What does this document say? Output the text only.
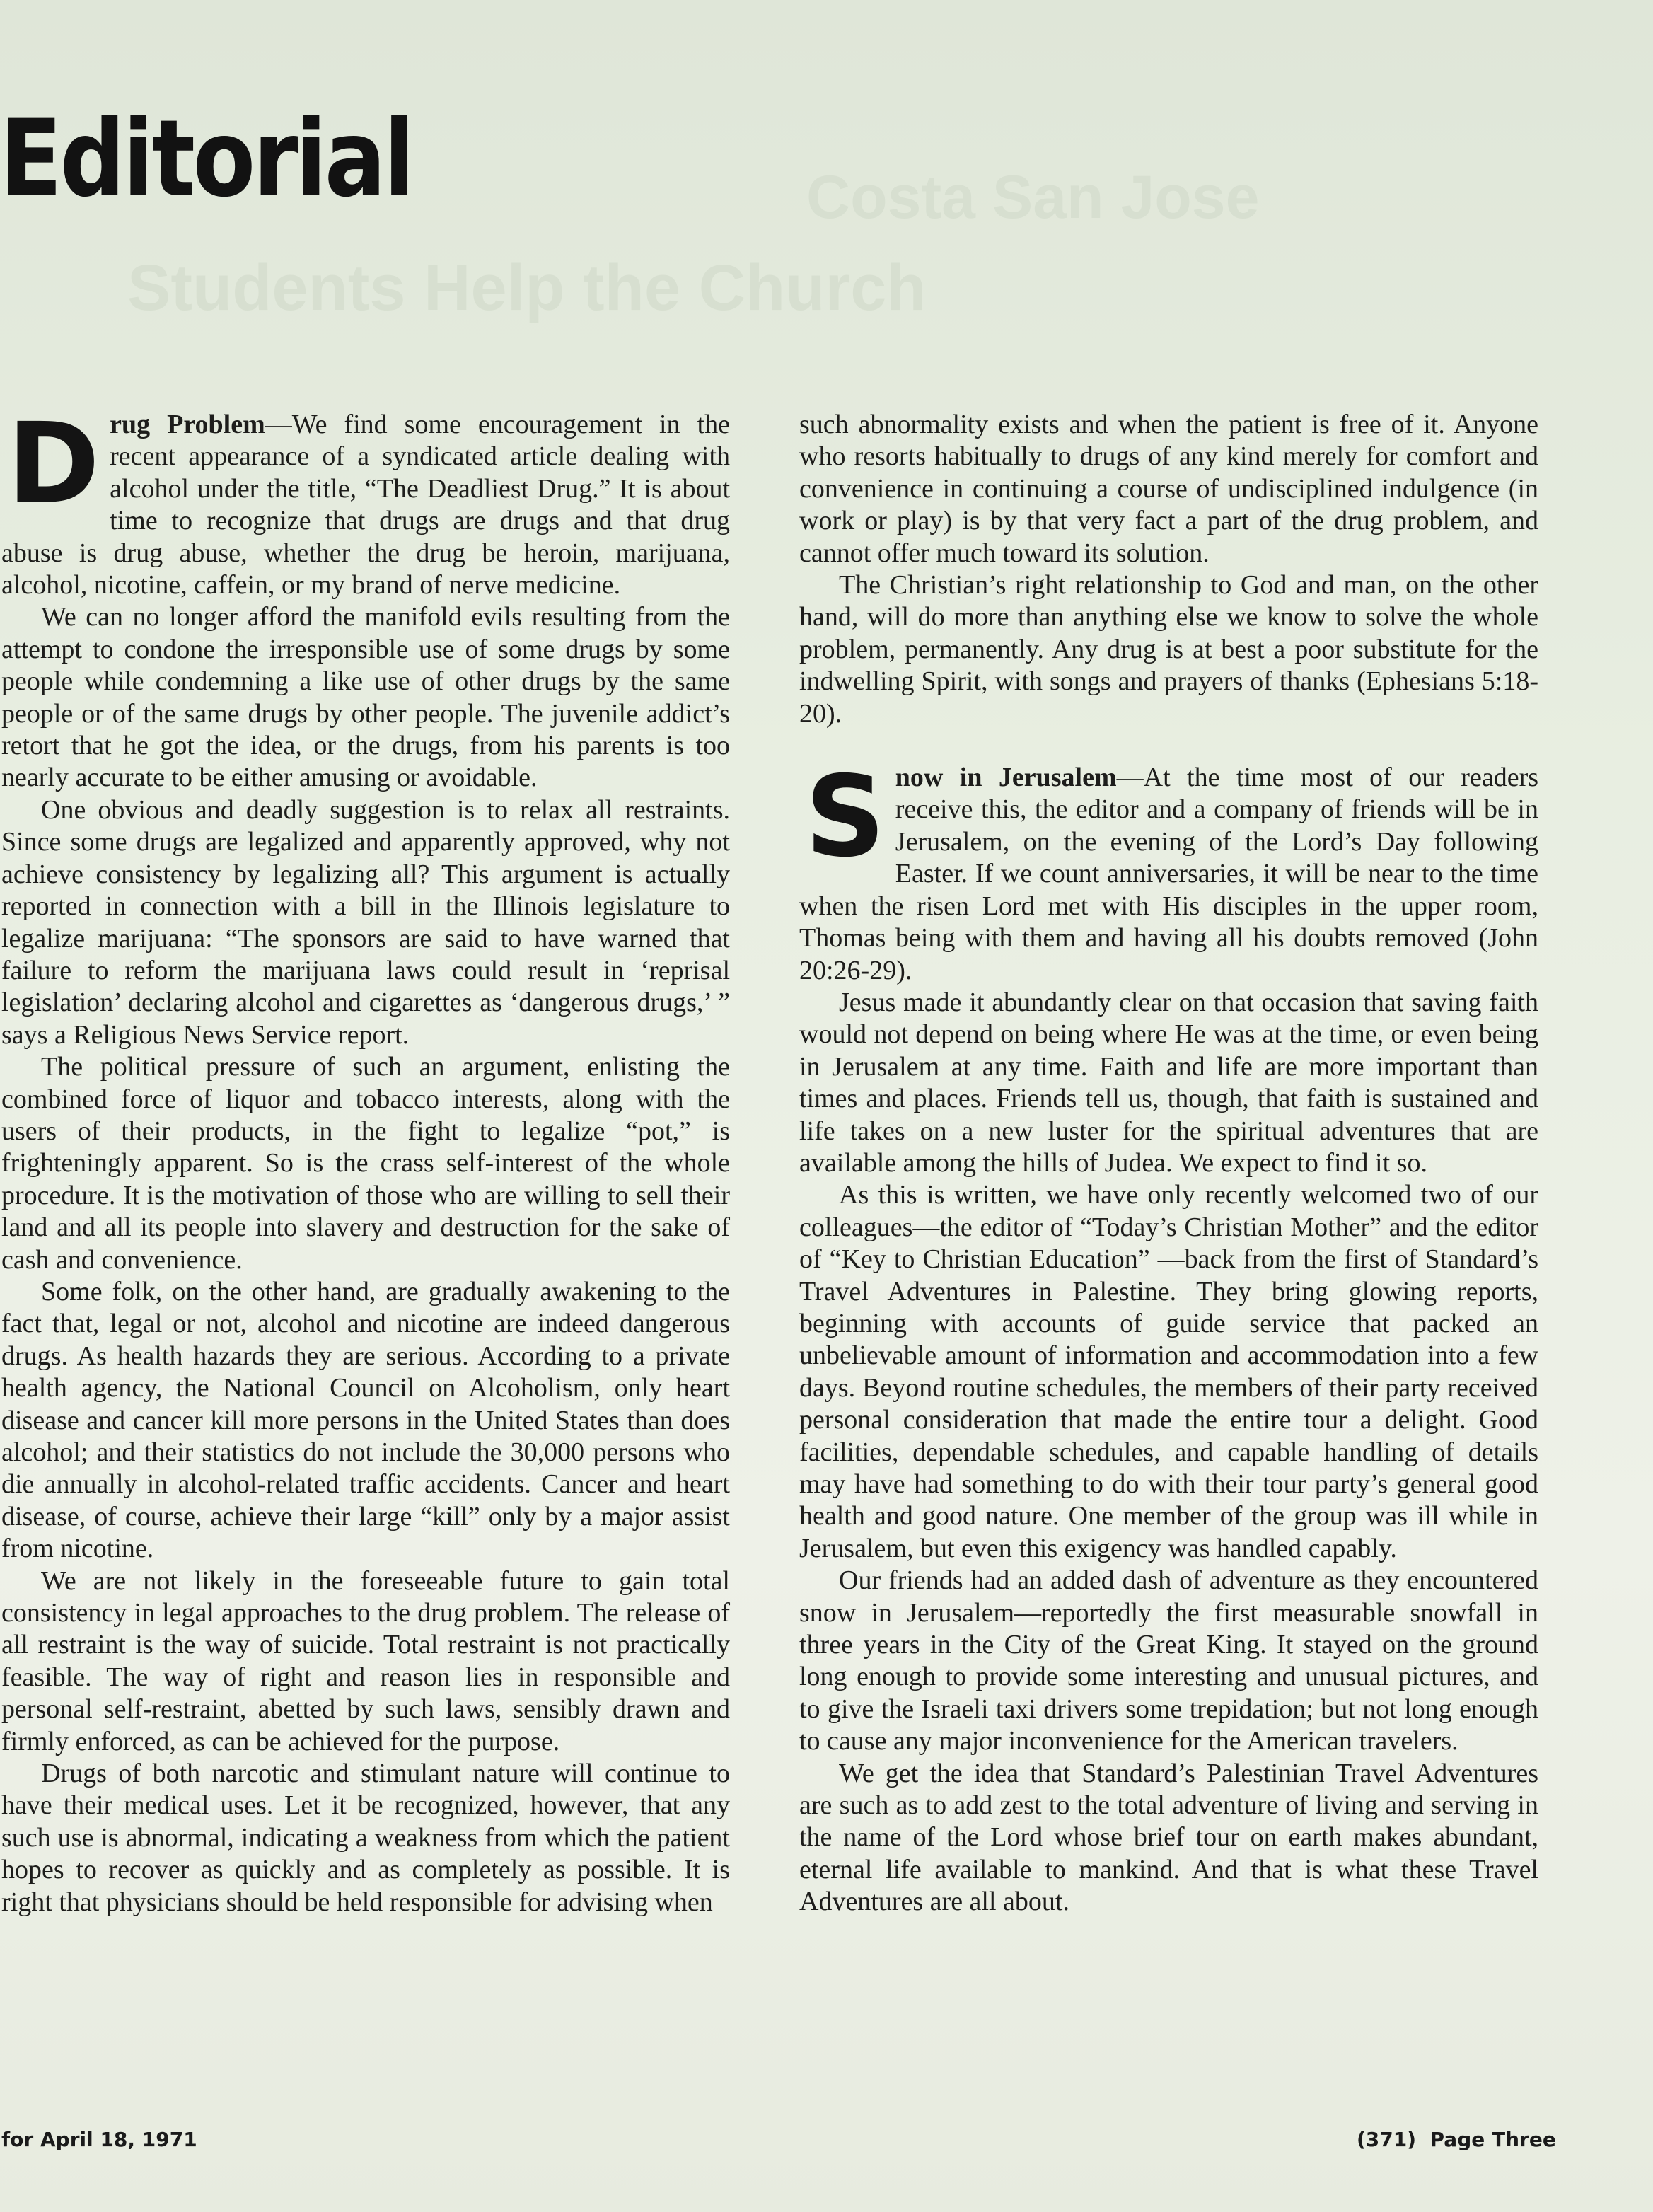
Costa San Jose
Students Help the Church
Editorial

Drug Problem—We find some encouragement in the recent appearance of a syndicated article dealing with alcohol under the title, “The Deadliest Drug.” It is about time to recognize that drugs are drugs and that drug abuse is drug abuse, whether the drug be heroin, marijuana, alcohol, nicotine, caffein, or my brand of nerve medicine.

We can no longer afford the manifold evils resulting from the attempt to condone the irresponsible use of some drugs by some people while condemning a like use of other drugs by the same people or of the same drugs by other people. The juvenile addict’s retort that he got the idea, or the drugs, from his parents is too nearly accurate to be either amusing or avoidable.

One obvious and deadly suggestion is to relax all restraints. Since some drugs are legalized and apparently approved, why not achieve consistency by legalizing all? This argument is actually reported in connection with a bill in the Illinois legislature to legalize marijuana: “The sponsors are said to have warned that failure to reform the marijuana laws could result in ‘reprisal legislation’ declaring alcohol and cigarettes as ‘dangerous drugs,’ ” says a Religious News Service report.

The political pressure of such an argument, enlisting the combined force of liquor and tobacco interests, along with the users of their products, in the fight to legalize “pot,” is frighteningly apparent. So is the crass self-interest of the whole procedure. It is the motivation of those who are willing to sell their land and all its people into slavery and destruction for the sake of cash and convenience.

Some folk, on the other hand, are gradually awakening to the fact that, legal or not, alcohol and nicotine are indeed dangerous drugs. As health hazards they are serious. According to a private health agency, the National Council on Alcoholism, only heart disease and cancer kill more persons in the United States than does alcohol; and their statistics do not include the 30,000 persons who die annually in alcohol-related traffic accidents. Cancer and heart disease, of course, achieve their large “kill” only by a major assist from nicotine.

We are not likely in the foreseeable future to gain total consistency in legal approaches to the drug problem. The release of all restraint is the way of suicide. Total restraint is not practically feasible. The way of right and reason lies in responsible and personal self-restraint, abetted by such laws, sensibly drawn and firmly enforced, as can be achieved for the purpose.

Drugs of both narcotic and stimulant nature will continue to have their medical uses. Let it be recognized, however, that any such use is abnormal, indicating a weakness from which the patient hopes to recover as quickly and as completely as possible. It is right that physicians should be held responsible for advising when

such abnormality exists and when the patient is free of it. Anyone who resorts habitually to drugs of any kind merely for comfort and convenience in continuing a course of undisciplined indulgence (in work or play) is by that very fact a part of the drug problem, and cannot offer much toward its solution.

The Christian’s right relationship to God and man, on the other hand, will do more than anything else we know to solve the whole problem, permanently. Any drug is at best a poor substitute for the indwelling Spirit, with songs and prayers of thanks (Ephesians 5:18-20).

Snow in Jerusalem—At the time most of our readers receive this, the editor and a company of friends will be in Jerusalem, on the evening of the Lord’s Day following Easter. If we count anniversaries, it will be near to the time when the risen Lord met with His disciples in the upper room, Thomas being with them and having all his doubts removed (John 20:26-29).

Jesus made it abundantly clear on that occasion that saving faith would not depend on being where He was at the time, or even being in Jerusalem at any time. Faith and life are more important than times and places. Friends tell us, though, that faith is sustained and life takes on a new luster for the spiritual adventures that are available among the hills of Judea. We expect to find it so.

As this is written, we have only recently welcomed two of our colleagues—the editor of “Today’s Christian Mother” and the editor of “Key to Christian Education” —back from the first of Standard’s Travel Adventures in Palestine. They bring glowing reports, beginning with accounts of guide service that packed an unbelievable amount of information and accommodation into a few days. Beyond routine schedules, the members of their party received personal consideration that made the entire tour a delight. Good facilities, dependable schedules, and capable handling of details may have had something to do with their tour party’s general good health and good nature. One member of the group was ill while in Jerusalem, but even this exigency was handled capably.

Our friends had an added dash of adventure as they encountered snow in Jerusalem—reportedly the first measurable snowfall in three years in the City of the Great King. It stayed on the ground long enough to provide some interesting and unusual pictures, and to give the Israeli taxi drivers some trepidation; but not long enough to cause any major inconvenience for the American travelers.

We get the idea that Standard’s Palestinian Travel Adventures are such as to add zest to the total adventure of living and serving in the name of the Lord whose brief tour on earth makes abundant, eternal life available to mankind. And that is what these Travel Adventures are all about.

for April 18, 1971	(371)  Page Three
